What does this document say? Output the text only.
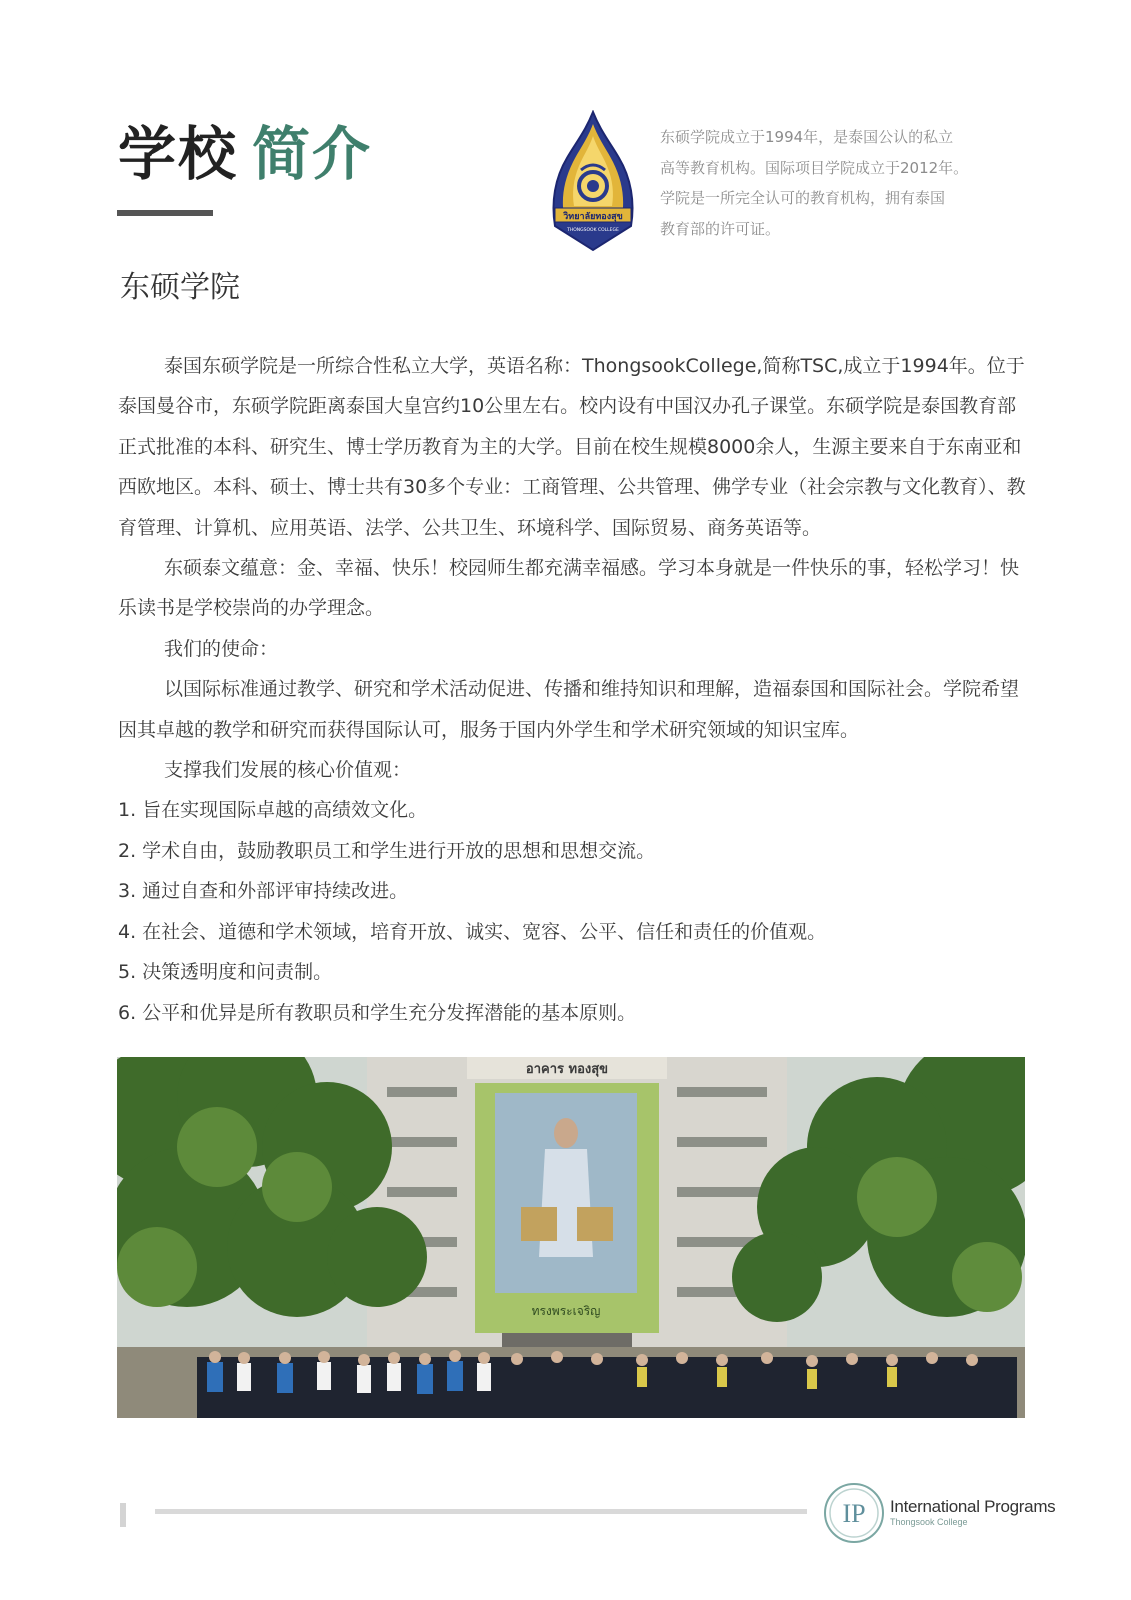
学校 简介
วิทยาลัยทองสุข
THONGSOOK COLLEGE
东硕学院成立于1994年，是泰国公认的私立
高等教育机构。国际项目学院成立于2012年。
学院是一所完全认可的教育机构，拥有泰国
教育部的许可证。
东硕学院

泰国东硕学院是一所综合性私立大学，英语名称：ThongsookCollege,简称TSC,成立于1994年。位于泰国曼谷市，东硕学院距离泰国大皇宫约10公里左右。校内设有中国汉办孔子课堂。东硕学院是泰国教育部正式批准的本科、研究生、博士学历教育为主的大学。目前在校生规模8000余人，生源主要来自于东南亚和西欧地区。本科、硕士、博士共有30多个专业：工商管理、公共管理、佛学专业（社会宗教与文化教育）、教育管理、计算机、应用英语、法学、公共卫生、环境科学、国际贸易、商务英语等。

东硕泰文蕴意：金、幸福、快乐！校园师生都充满幸福感。学习本身就是一件快乐的事，轻松学习！快乐读书是学校崇尚的办学理念。

我们的使命：

以国际标准通过教学、研究和学术活动促进、传播和维持知识和理解，造福泰国和国际社会。学院希望因其卓越的教学和研究而获得国际认可，服务于国内外学生和学术研究领域的知识宝库。

支撑我们发展的核心价值观：

1. 旨在实现国际卓越的高绩效文化。

2. 学术自由，鼓励教职员工和学生进行开放的思想和思想交流。

3. 通过自查和外部评审持续改进。

4. 在社会、道德和学术领域，培育开放、诚实、宽容、公平、信任和责任的价值观。

5. 决策透明度和问责制。

6. 公平和优异是所有教职员和学生充分发挥潜能的基本原则。

อาคาร ทองสุข
ทรงพระเจริญ
IP International Programs
Thongsook College
